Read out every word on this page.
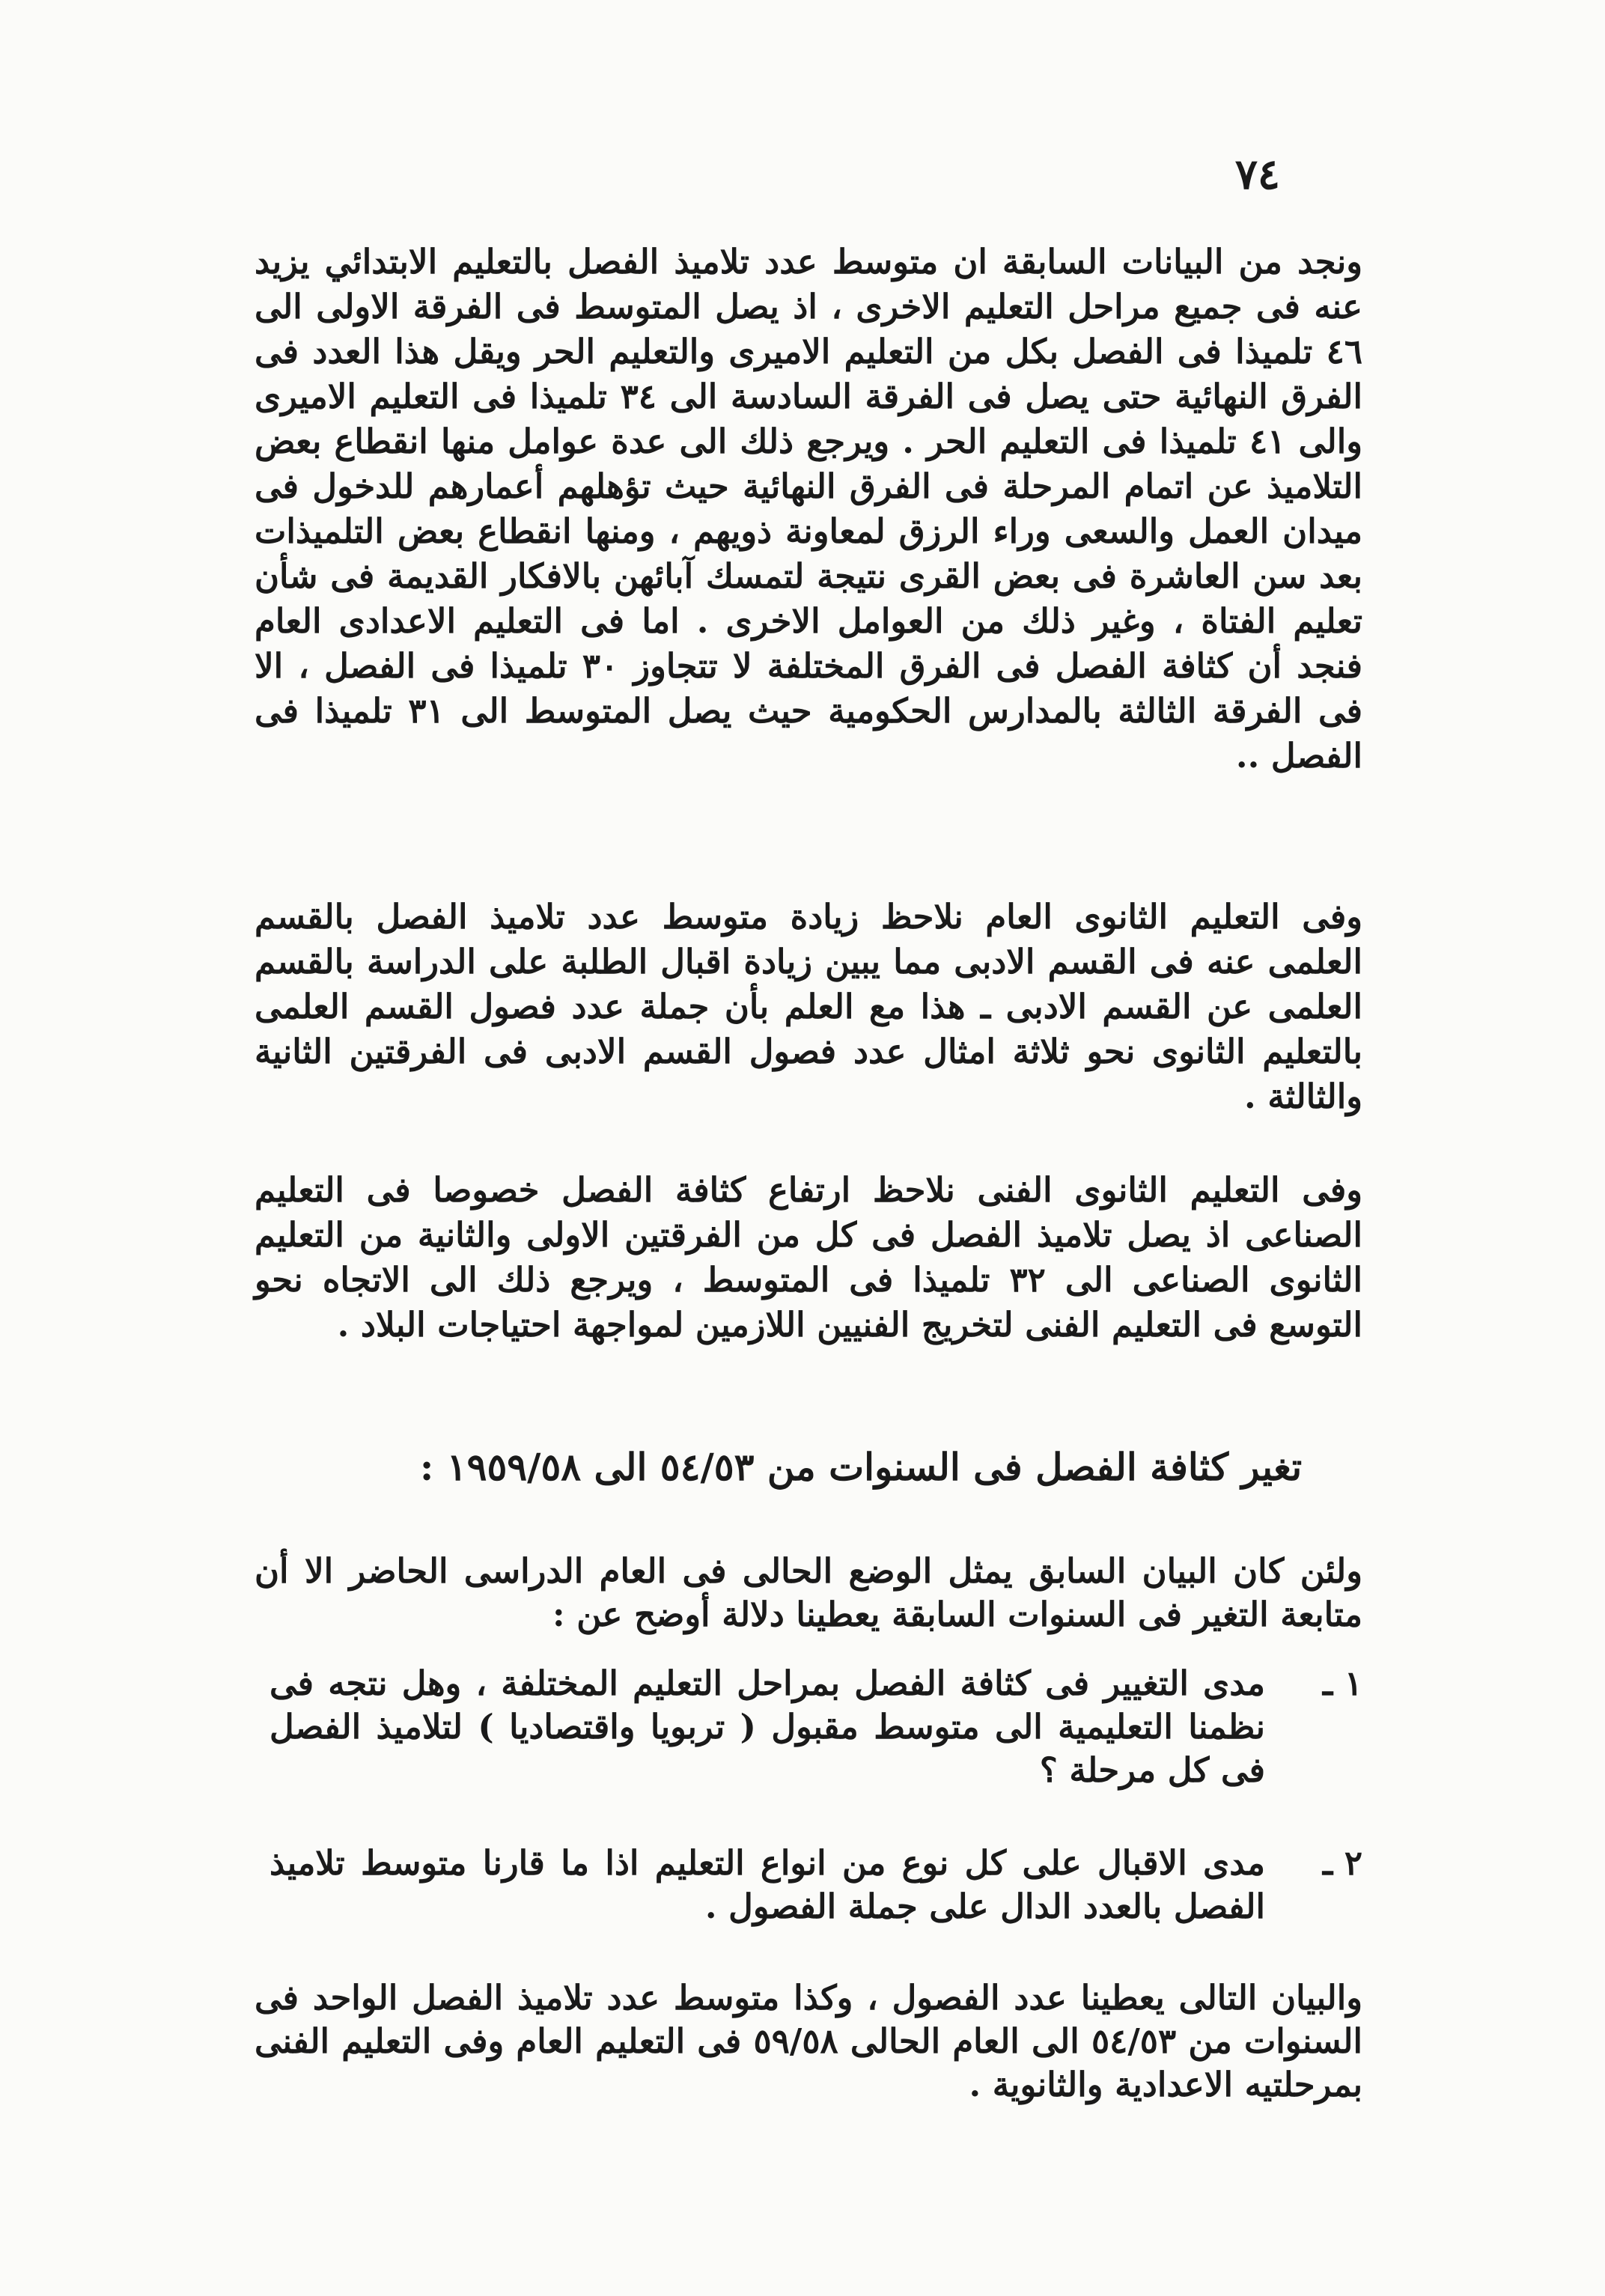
٧٤
ونجد من البيانات السابقة ان متوسط عدد تلاميذ الفصل بالتعليم الابتدائي يزيد عنه فى جميع مراحل التعليم الاخرى ، اذ يصل المتوسط فى الفرقة الاولى الى ٤٦ تلميذا فى الفصل بكل من التعليم الاميرى والتعليم الحر ويقل هذا العدد فى الفرق النهائية حتى يصل فى الفرقة السادسة الى ٣٤ تلميذا فى التعليم الاميرى والى ٤١ تلميذا فى التعليم الحر . ويرجع ذلك الى عدة عوامل منها انقطاع بعض التلاميذ عن اتمام المرحلة فى الفرق النهائية حيث تؤهلهم أعمارهم للدخول فى ميدان العمل والسعى وراء الرزق لمعاونة ذويهم ، ومنها انقطاع بعض التلميذات بعد سن العاشرة فى بعض القرى نتيجة لتمسك آبائهن بالافكار القديمة فى شأن تعليم الفتاة ، وغير ذلك من العوامل الاخرى . اما فى التعليم الاعدادى العام فنجد أن كثافة الفصل فى الفرق المختلفة لا تتجاوز ٣٠ تلميذا فى الفصل ، الا فى الفرقة الثالثة بالمدارس الحكومية حيث يصل المتوسط الى ٣١ تلميذا فى الفصل ..
وفى التعليم الثانوى العام نلاحظ زيادة متوسط عدد تلاميذ الفصل بالقسم العلمى عنه فى القسم الادبى مما يبين زيادة اقبال الطلبة على الدراسة بالقسم العلمى عن القسم الادبى ـ هذا مع العلم بأن جملة عدد فصول القسم العلمى بالتعليم الثانوى نحو ثلاثة امثال عدد فصول القسم الادبى فى الفرقتين الثانية والثالثة .
وفى التعليم الثانوى الفنى نلاحظ ارتفاع كثافة الفصل خصوصا فى التعليم الصناعى اذ يصل تلاميذ الفصل فى كل من الفرقتين الاولى والثانية من التعليم الثانوى الصناعى الى ٣٢ تلميذا فى المتوسط ، ويرجع ذلك الى الاتجاه نحو التوسع فى التعليم الفنى لتخريج الفنيين اللازمين لمواجهة احتياجات البلاد .
تغير كثافة الفصل فى السنوات من ٥٤/٥٣ الى ١٩٥٩/٥٨ :
ولئن كان البيان السابق يمثل الوضع الحالى فى العام الدراسى الحاضر الا أن متابعة التغير فى السنوات السابقة يعطينا دلالة أوضح عن :
١ ـ
مدى التغيير فى كثافة الفصل بمراحل التعليم المختلفة ، وهل نتجه فى نظمنا التعليمية الى متوسط مقبول ( تربويا واقتصاديا ) لتلاميذ الفصل فى كل مرحلة ؟
٢ ـ
مدى الاقبال على كل نوع من انواع التعليم اذا ما قارنا متوسط تلاميذ الفصل بالعدد الدال على جملة الفصول .
والبيان التالى يعطينا عدد الفصول ، وكذا متوسط عدد تلاميذ الفصل الواحد فى السنوات من ٥٤/٥٣ الى العام الحالى ٥٩/٥٨ فى التعليم العام وفى التعليم الفنى بمرحلتيه الاعدادية والثانوية .
